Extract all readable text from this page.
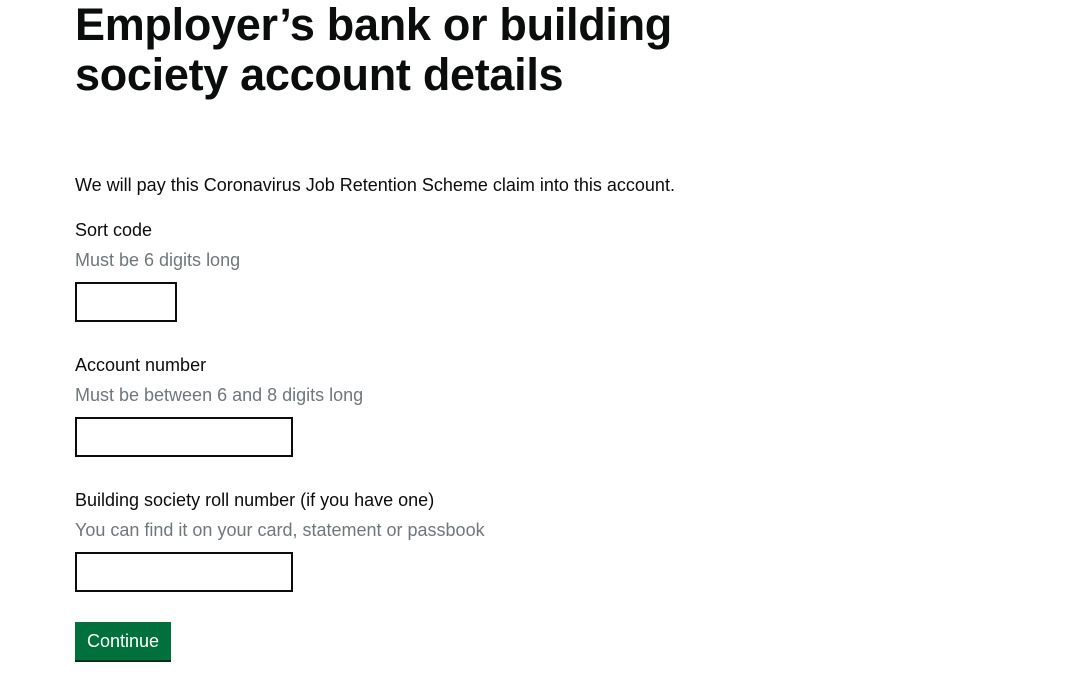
Employer’s bank or building society account details

We will pay this Coronavirus Job Retention Scheme claim into this account.

Sort code
Must be 6 digits long
Account number
Must be between 6 and 8 digits long
Building society roll number (if you have one)
You can find it on your card, statement or passbook
Continue
